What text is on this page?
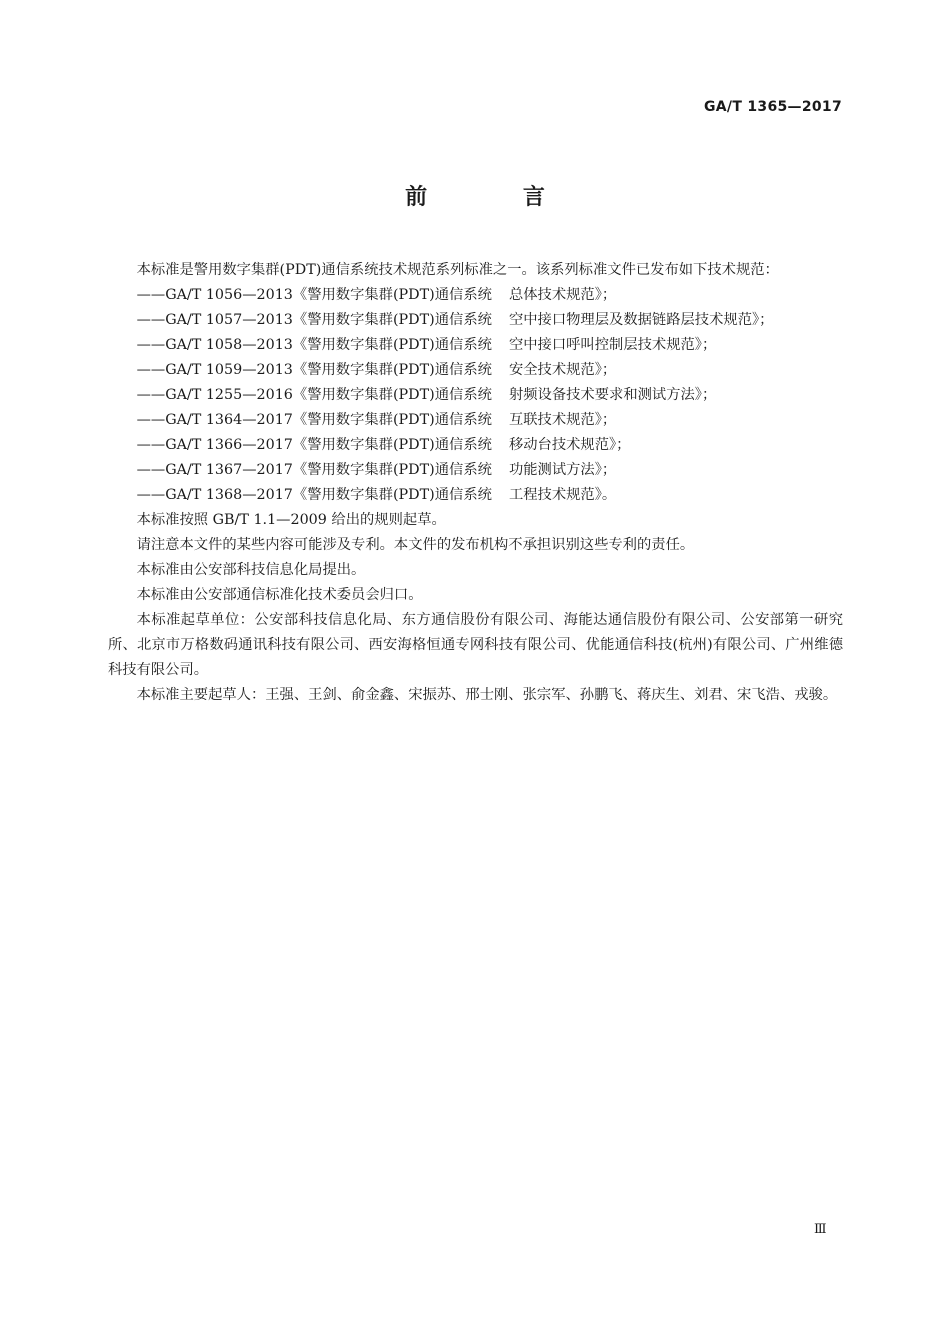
GA/T 1365—2017
前 言

本标准是警用数字集群(PDT)通信系统技术规范系列标准之一。该系列标准文件已发布如下技术规范：

——GA/T 1056—2013《警用数字集群(PDT)通信系统 总体技术规范》；

——GA/T 1057—2013《警用数字集群(PDT)通信系统 空中接口物理层及数据链路层技术规范》；

——GA/T 1058—2013《警用数字集群(PDT)通信系统 空中接口呼叫控制层技术规范》；

——GA/T 1059—2013《警用数字集群(PDT)通信系统 安全技术规范》；

——GA/T 1255—2016《警用数字集群(PDT)通信系统 射频设备技术要求和测试方法》；

——GA/T 1364—2017《警用数字集群(PDT)通信系统 互联技术规范》；

——GA/T 1366—2017《警用数字集群(PDT)通信系统 移动台技术规范》；

——GA/T 1367—2017《警用数字集群(PDT)通信系统 功能测试方法》；

——GA/T 1368—2017《警用数字集群(PDT)通信系统 工程技术规范》。

本标准按照 GB/T 1.1—2009 给出的规则起草。

请注意本文件的某些内容可能涉及专利。本文件的发布机构不承担识别这些专利的责任。

本标准由公安部科技信息化局提出。

本标准由公安部通信标准化技术委员会归口。

本标准起草单位：公安部科技信息化局、东方通信股份有限公司、海能达通信股份有限公司、公安部第一研究所、北京市万格数码通讯科技有限公司、西安海格恒通专网科技有限公司、优能通信科技(杭州)有限公司、广州维德科技有限公司。

本标准主要起草人：王强、王剑、俞金鑫、宋振苏、邢士刚、张宗军、孙鹏飞、蒋庆生、刘君、宋飞浩、戎骏。

Ⅲ
